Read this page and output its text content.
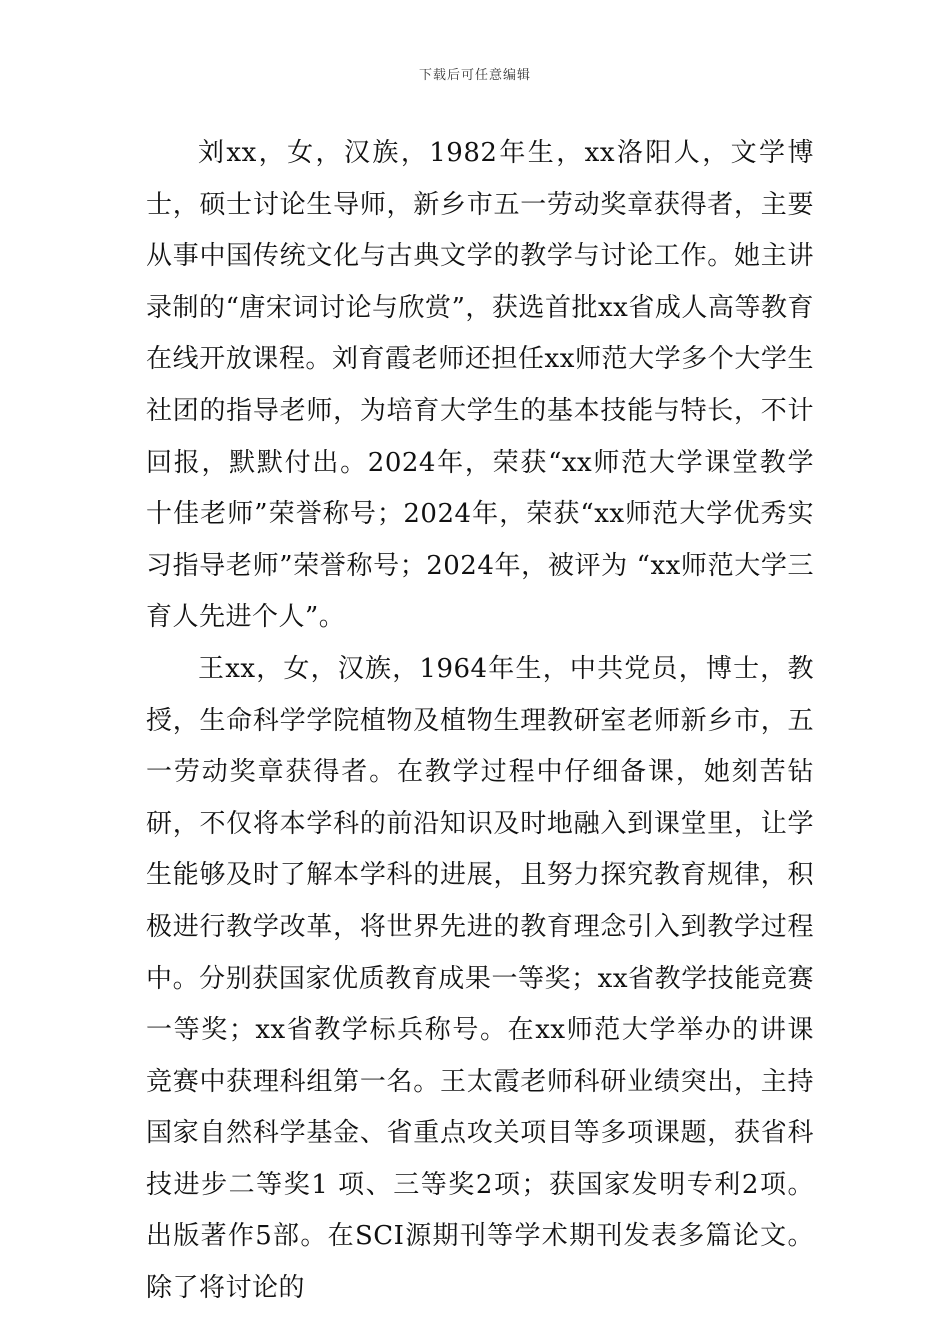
下载后可任意编辑

刘xx，女，汉族，1982年生，xx洛阳人，文学博士，硕士讨论生导师，新乡市五一劳动奖章获得者，主要从事中国传统文化与古典文学的教学与讨论工作。她主讲录制的“唐宋词讨论与欣赏”，获选首批xx省成人高等教育在线开放课程。刘育霞老师还担任xx师范大学多个大学生社团的指导老师，为培育大学生的基本技能与特长，不计回报，默默付出。2024年，荣获“xx师范大学课堂教学十佳老师”荣誉称号；2024年，荣获“xx师范大学优秀实习指导老师”荣誉称号；2024年，被评为 “xx师范大学三育人先进个人”。

王xx，女，汉族，1964年生，中共党员，博士，教授，生命科学学院植物及植物生理教研室老师新乡市，五一劳动奖章获得者。在教学过程中仔细备课，她刻苦钻研，不仅将本学科的前沿知识及时地融入到课堂里，让学生能够及时了解本学科的进展，且努力探究教育规律，积极进行教学改革，将世界先进的教育理念引入到教学过程中。分别获国家优质教育成果一等奖；xx省教学技能竞赛一等奖；xx省教学标兵称号。在xx师范大学举办的讲课竞赛中获理科组第一名。王太霞老师科研业绩突出，主持国家自然科学基金、省重点攻关项目等多项课题，获省科技进步二等奖1 项、三等奖2项；获国家发明专利2项。出版著作5部。在SCI源期刊等学术期刊发表多篇论文。除了将讨论的
